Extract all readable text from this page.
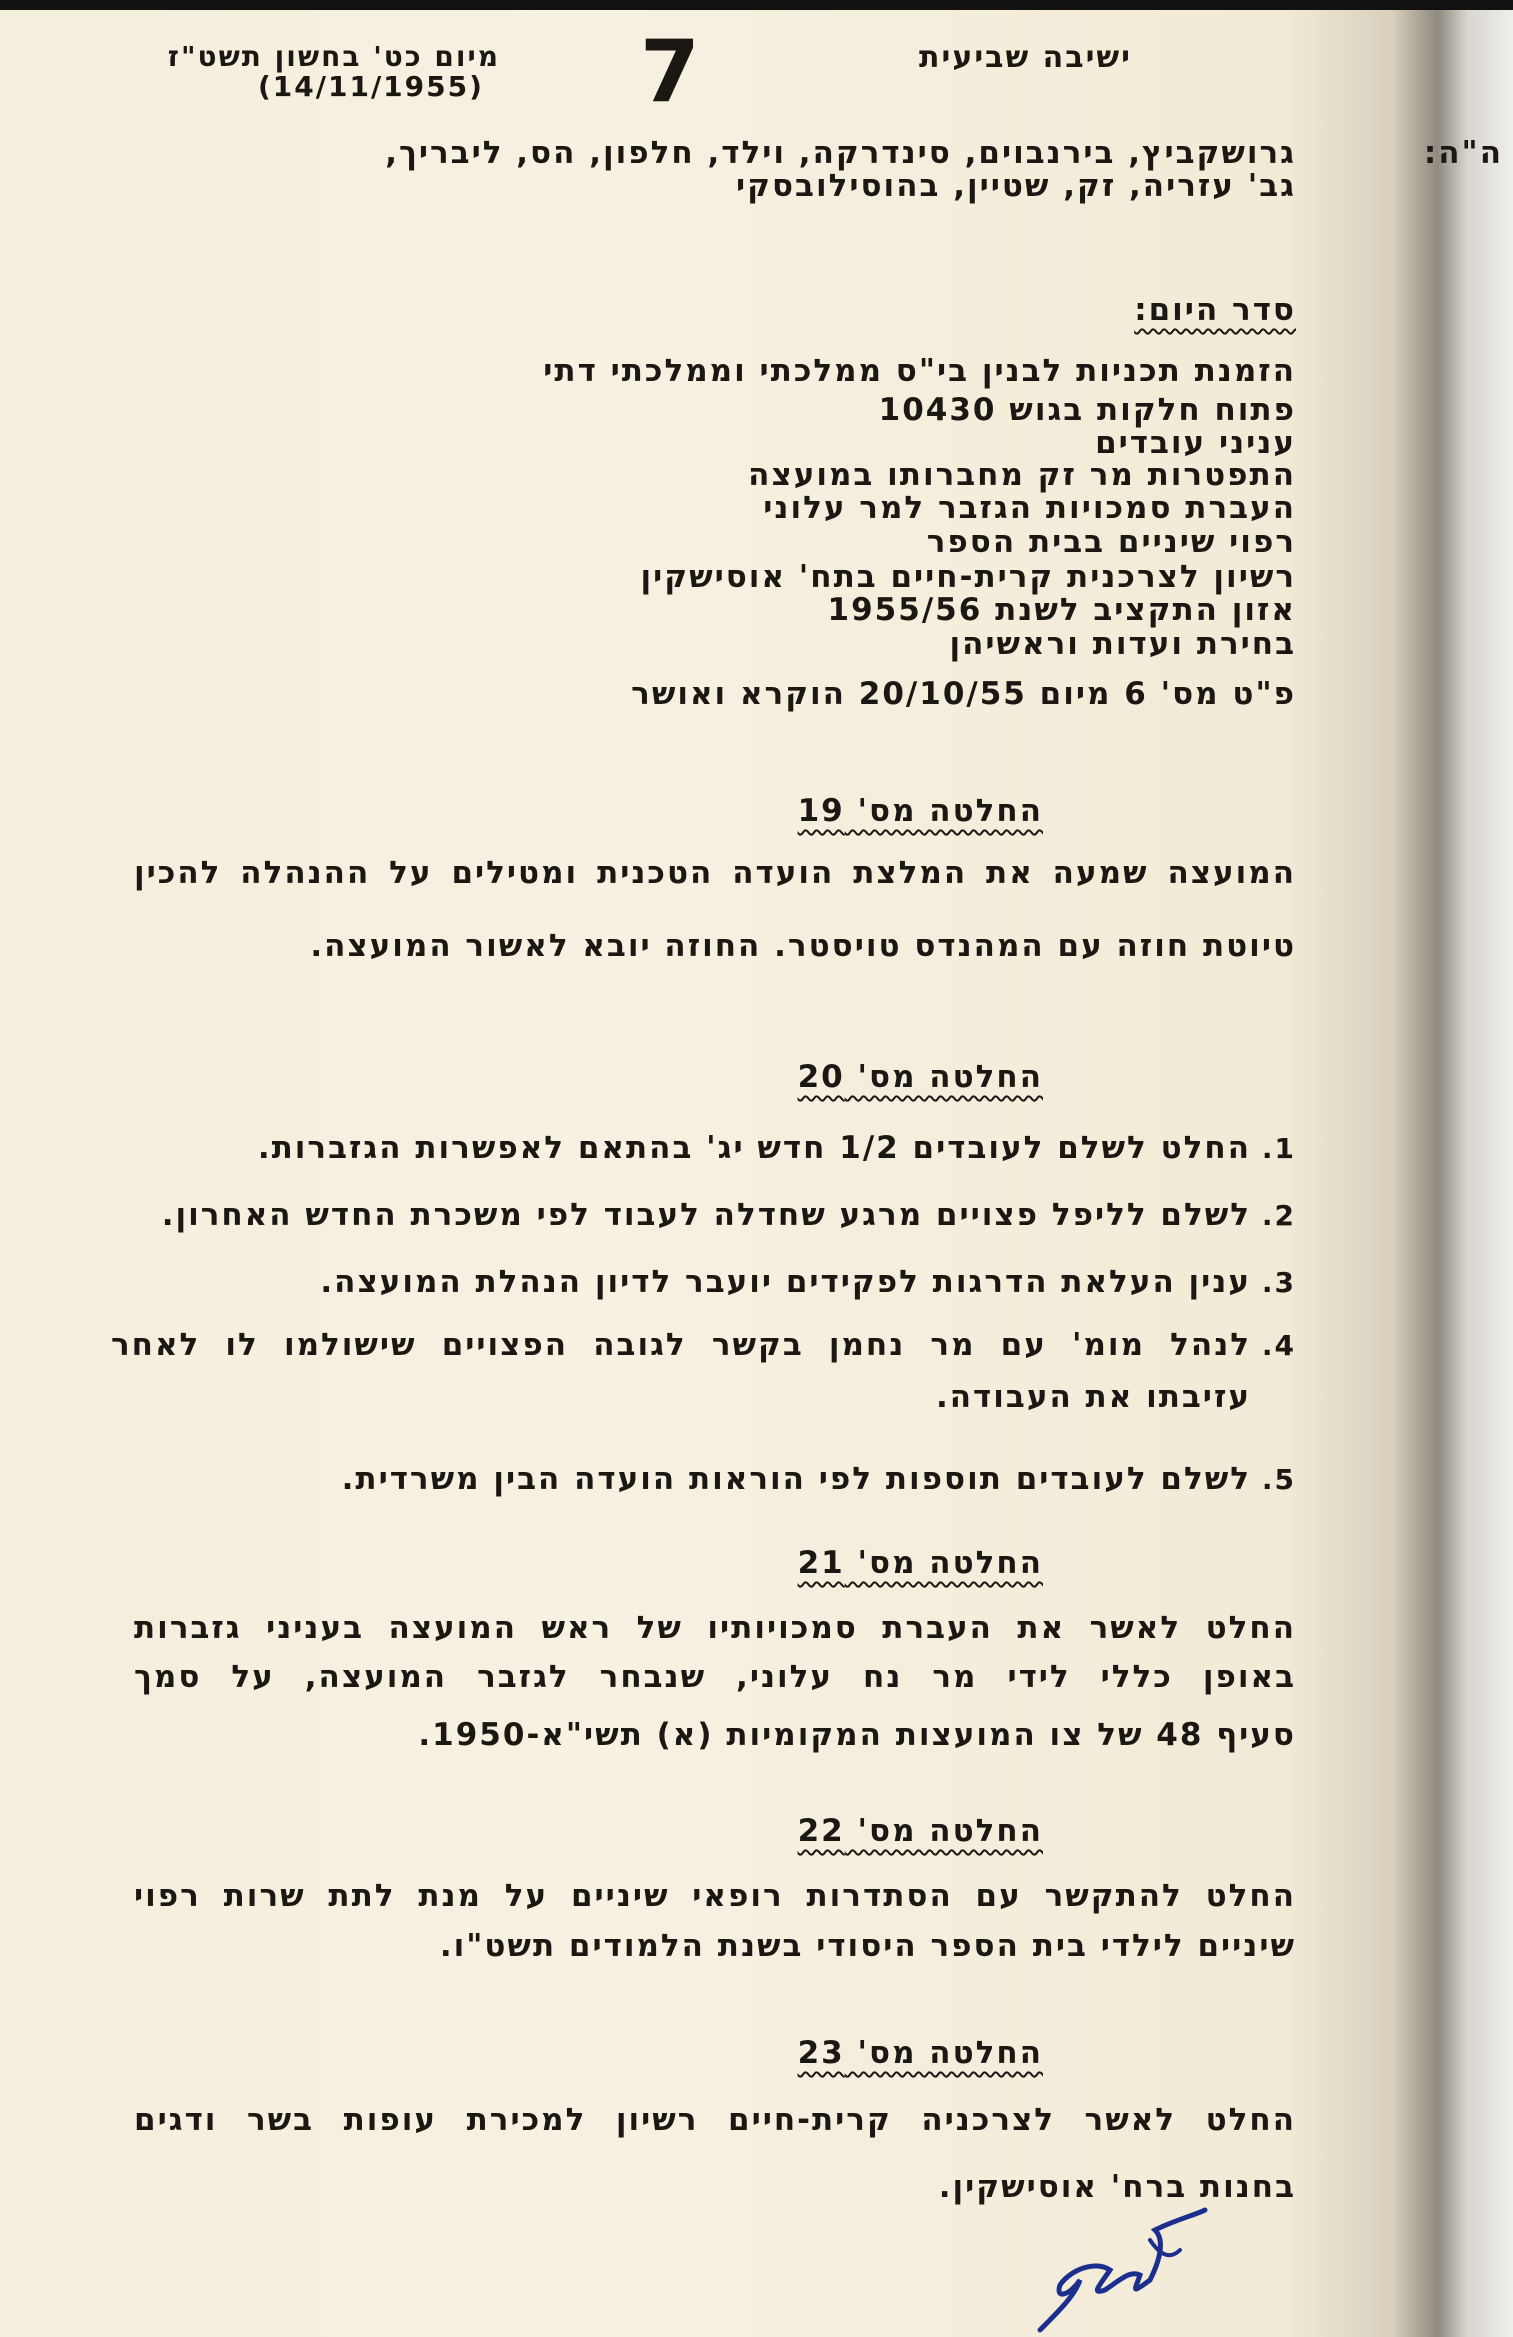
ישיבה שביעית
7
מיום כט' בחשון תשט"ז
(14/11/1955)
ה"ה:
גרושקביץ, בירנבוים, סינדרקה, וילד, חלפון, הס, ליבריך,
גב' עזריה, זק, שטיין, בהוסילובסקי
סדר היום:
הזמנת תכניות לבנין בי"ס ממלכתי וממלכתי דתי
פתוח חלקות בגוש 10430
עניני עובדים
התפטרות מר זק מחברותו במועצה
העברת סמכויות הגזבר למר עלוני
רפוי שיניים בבית הספר
רשיון לצרכנית קרית-חיים בתח' אוסישקין
אזון התקציב לשנת 1955/56
בחירת ועדות וראשיהן
פ"ט מס' 6 מיום 20/10/55 הוקרא ואושר
החלטה מס' 19
המועצה שמעה את המלצת הועדה הטכנית ומטילים על ההנהלה להכין
טיוטת חוזה עם המהנדס טויסטר. החוזה יובא לאשור המועצה.
החלטה מס' 20
1.
החלט לשלם לעובדים 1/2 חדש יג' בהתאם לאפשרות הגזברות.
2.
לשלם לליפל פצויים מרגע שחדלה לעבוד לפי משכרת החדש האחרון.
3.
ענין העלאת הדרגות לפקידים יועבר לדיון הנהלת המועצה.
4.
לנהל מומ' עם מר נחמן בקשר לגובה הפצויים שישולמו לו לאחר
עזיבתו את העבודה.
5.
לשלם לעובדים תוספות לפי הוראות הועדה הבין משרדית.
החלטה מס' 21
החלט לאשר את העברת סמכויותיו של ראש המועצה בעניני גזברות
באופן כללי לידי מר נח עלוני, שנבחר לגזבר המועצה, על סמך
סעיף 48 של צו המועצות המקומיות (א) תשי"א-1950.
החלטה מס' 22
החלט להתקשר עם הסתדרות רופאי שיניים על מנת לתת שרות רפוי
שיניים לילדי בית הספר היסודי בשנת הלמודים תשט"ו.
החלטה מס' 23
החלט לאשר לצרכניה קרית-חיים רשיון למכירת עופות בשר ודגים
בחנות ברח' אוסישקין.
